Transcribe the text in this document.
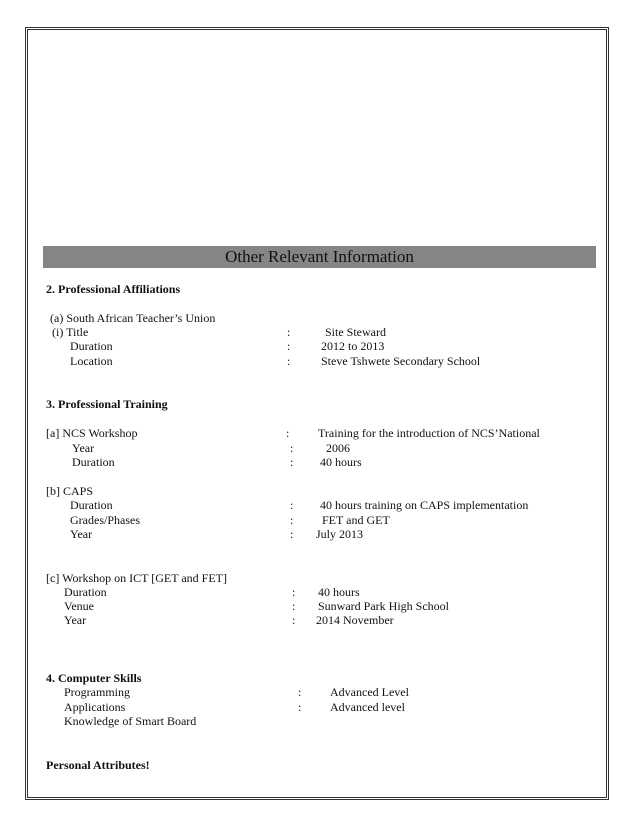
Other Relevant Information
2. Professional Affiliations
(a) South African Teacher’s Union
(i) Title	:	Site Steward
Duration	:	2012 to 2013
Location	:	Steve Tshwete Secondary School
3. Professional Training
[a] NCS Workshop	: Training for the introduction of NCS’National
Year	:	2006
Duration	: 40 hours
[b] CAPS
Duration	: 40 hours training on CAPS implementation
Grades/Phases	: FET and GET
Year	: July 2013
[c] Workshop on ICT [GET and FET]
Duration	: 40 hours
Venue	: Sunward Park High School
Year	: 2014 November
4. Computer Skills
Programming	: Advanced Level
Applications	: Advanced level
Knowledge of Smart Board
Personal Attributes!
